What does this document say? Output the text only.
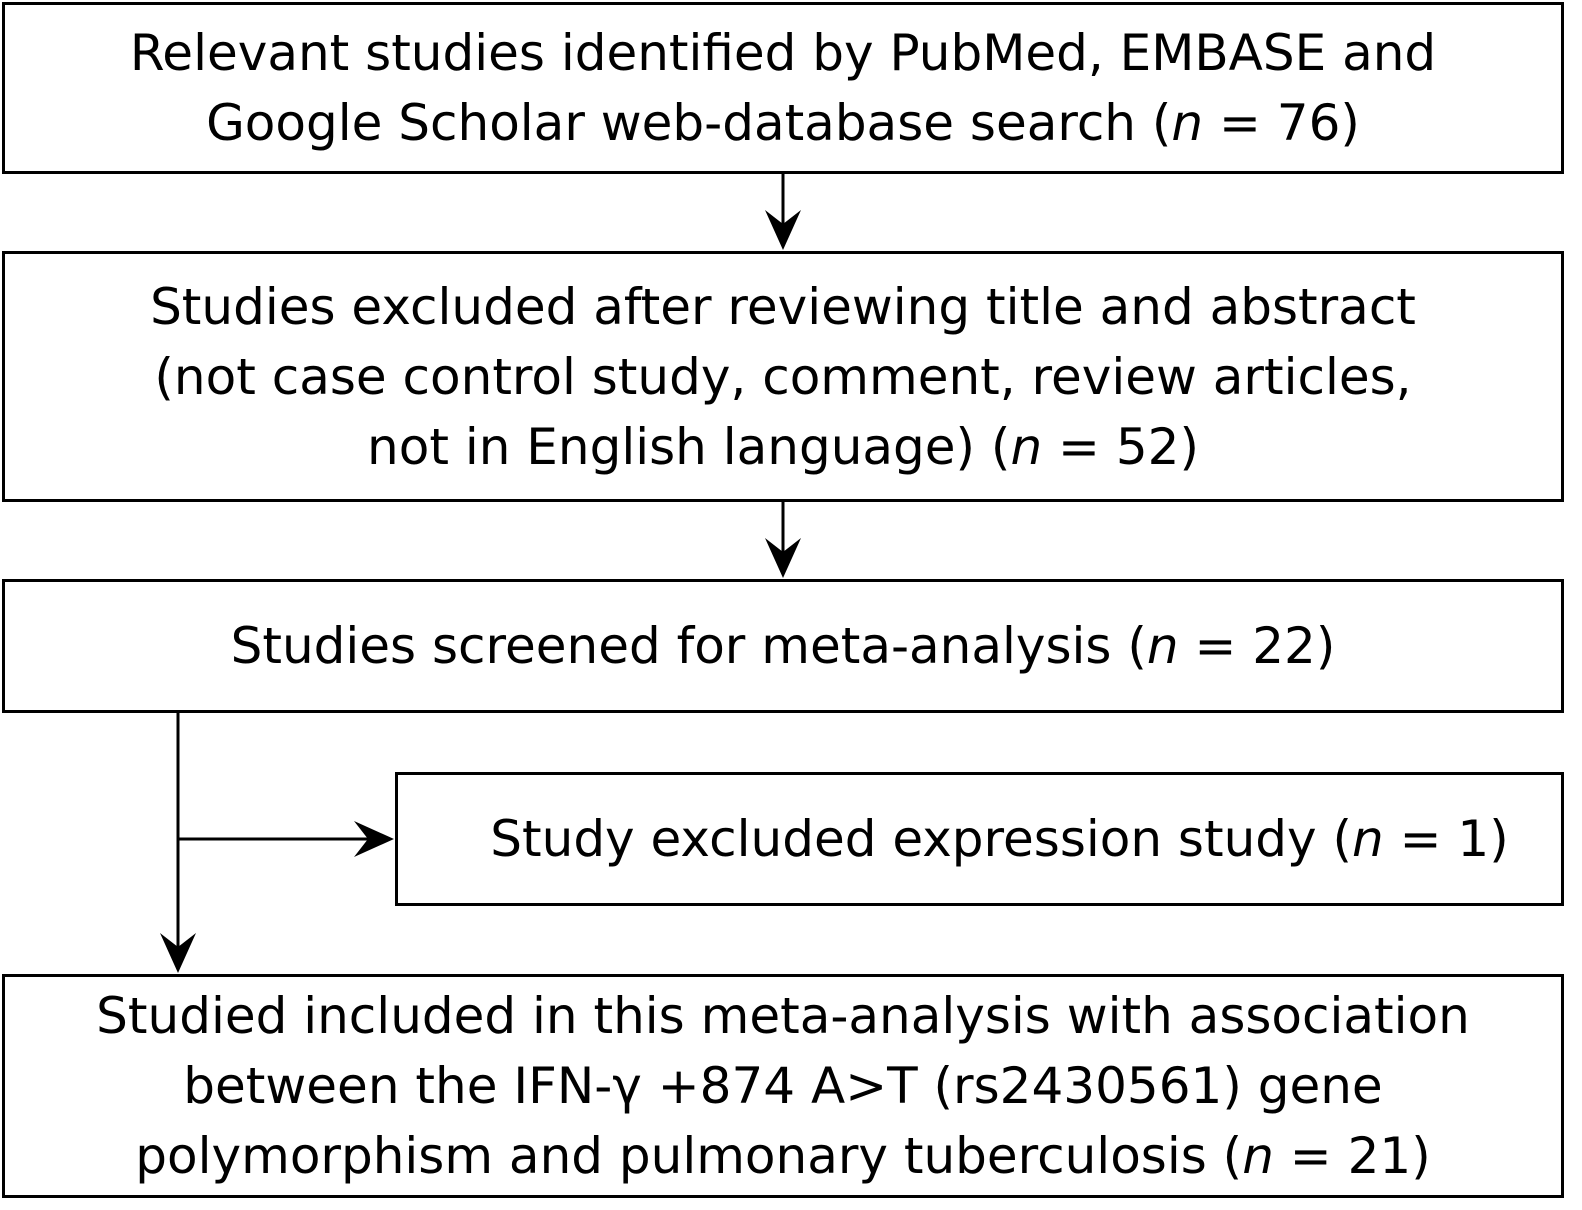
Relevant studies identified by PubMed, EMBASE and
Google Scholar web-database search (n = 76)
Studies excluded after reviewing title and abstract
(not case control study, comment, review articles,
not in English language) (n = 52)
Studies screened for meta-analysis (n = 22)
Study excluded expression study (n = 1)
Studied included in this meta-analysis with association
between the IFN-γ +874 A>T (rs2430561) gene
polymorphism and pulmonary tuberculosis (n = 21)
